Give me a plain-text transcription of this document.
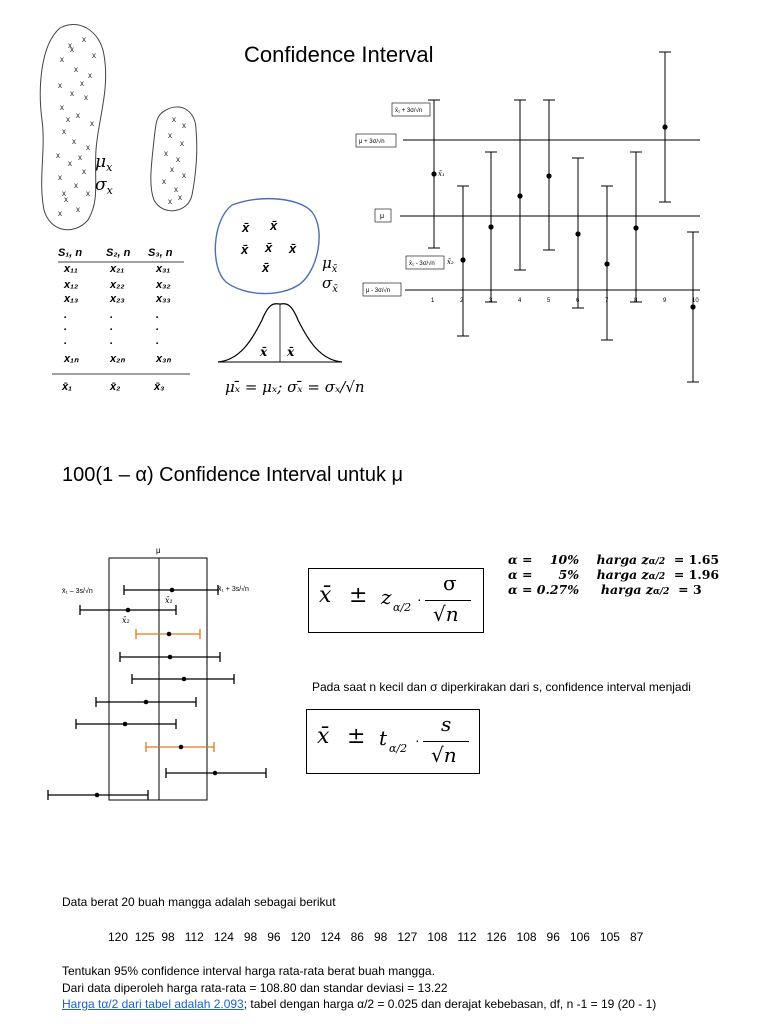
Confidence Interval
x
x
x
x
x
x
x
x x
x
x
x
x
x
x
x
x
x
x
x
x
x
x
x
x
x
x
x
x
x
x
x
x
x
x
x
x
x
x
x x
$\mu_x$
$\sigma_x$
x̄ x̄
x̄ x̄ x̄
x̄	$\mu_{x̄}$
$\sigma_{x̄}$
x̄ x̄
μₓ̄ = μₓ; σₓ̄ = σₓ/√n
S₁, n S₂, n S₃, n
x₁₁	x₂₁	x₃₁
x₁₂	x₂₂	x₃₂
x₁₃	x₂₃	x₃₃
.	.	.
.	.	.
.	.	.
x₁ₙ	x₂ₙ	x₃ₙ
x̄₁	x̄₂	x̄₃
μ + 3σ/√n
μ
μ - 3σ/√n
x̄₁ + 3σ/√n
x̄₁ - 3σ/√n
x̄₁
x̄₂
1	2	3	4	5	6	7	8	9	10
100(1 – α) Confidence Interval untuk μ
μ
x̄₁ – 3s/√n	x̄₁ + 3s/√n
x̄₁
x̄₂
x̄ ± z α/2
·
σ
√n
α =    10% harga zα/2 = 1.65
α =      5% harga zα/2 = 1.96
α = 0.27% harga zα/2 = 3
Pada saat n kecil dan σ diperkirakan dari s, confidence interval menjadi
x̄ ± t α/2
·
s
√n
Data berat 20 buah mangga adalah sebagai berikut
120  125  98   112   124   98   96   120   124   86   98   127   108   112   126   108   96   106   105   87
Tentukan 95% confidence interval harga rata-rata berat buah mangga.
Dari data diperoleh harga rata-rata = 108.80 dan standar deviasi = 13.22
Harga tα/2 dari tabel adalah 2.093; tabel dengan harga α/2 = 0.025 dan derajat kebebasan, df, n -1 = 19 (20 - 1)
